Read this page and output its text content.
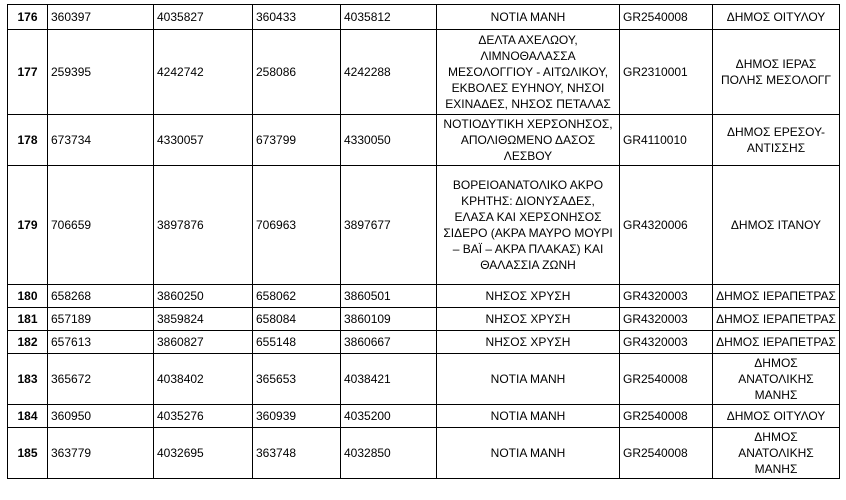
176	360397	4035827	360433	4035812	ΝΟΤΙΑ ΜΑΝΗ	GR2540008	ΔΗΜΟΣ ΟΙΤΥΛΟΥ
177	259395	4242742	258086	4242288	ΔΕΛΤΑ ΑΧΕΛΩΟΥ, ΛΙΜΝΟΘΑΛΑΣΣΑ ΜΕΣΟΛΟΓΓΙΟΥ - ΑΙΤΩΛΙΚΟΥ, ΕΚΒΟΛΕΣ ΕΥΗΝΟΥ, ΝΗΣΟΙ ΕΧΙΝΑΔΕΣ, ΝΗΣΟΣ ΠΕΤΑΛΑΣ	GR2310001	ΔΗΜΟΣ ΙΕΡΑΣ ΠΟΛΗΣ ΜΕΣΟΛΟΓΓ
178	673734	4330057	673799	4330050	ΝΟΤΙΟΔΥΤΙΚΗ ΧΕΡΣΟΝΗΣΟΣ, ΑΠΟΛΙΘΩΜΕΝΟ ΔΑΣΟΣ ΛΕΣΒΟΥ	GR4110010	ΔΗΜΟΣ ΕΡΕΣΟΥ-ΑΝΤΙΣΣΗΣ
179	706659	3897876	706963	3897677	ΒΟΡΕΙΟΑΝΑΤΟΛΙΚΟ ΑΚΡΟ ΚΡΗΤΗΣ: ΔΙΟΝΥΣΑΔΕΣ, ΕΛΑΣΑ ΚΑΙ ΧΕΡΣΟΝΗΣΟΣ ΣΙΔΕΡΟ (ΑΚΡΑ ΜΑΥΡΟ ΜΟΥΡΙ – ΒΑΪ – ΑΚΡΑ ΠΛΑΚΑΣ) ΚΑΙ ΘΑΛΑΣΣΙΑ ΖΩΝΗ	GR4320006	ΔΗΜΟΣ ΙΤΑΝΟΥ
180	658268	3860250	658062	3860501	ΝΗΣΟΣ ΧΡΥΣΗ	GR4320003	ΔΗΜΟΣ ΙΕΡΑΠΕΤΡΑΣ
181	657189	3859824	658084	3860109	ΝΗΣΟΣ ΧΡΥΣΗ	GR4320003	ΔΗΜΟΣ ΙΕΡΑΠΕΤΡΑΣ
182	657613	3860827	655148	3860667	ΝΗΣΟΣ ΧΡΥΣΗ	GR4320003	ΔΗΜΟΣ ΙΕΡΑΠΕΤΡΑΣ
183	365672	4038402	365653	4038421	ΝΟΤΙΑ ΜΑΝΗ	GR2540008	ΔΗΜΟΣ ΑΝΑΤΟΛΙΚΗΣ ΜΑΝΗΣ
184	360950	4035276	360939	4035200	ΝΟΤΙΑ ΜΑΝΗ	GR2540008	ΔΗΜΟΣ ΟΙΤΥΛΟΥ
185	363779	4032695	363748	4032850	ΝΟΤΙΑ ΜΑΝΗ	GR2540008	ΔΗΜΟΣ ΑΝΑΤΟΛΙΚΗΣ ΜΑΝΗΣ
